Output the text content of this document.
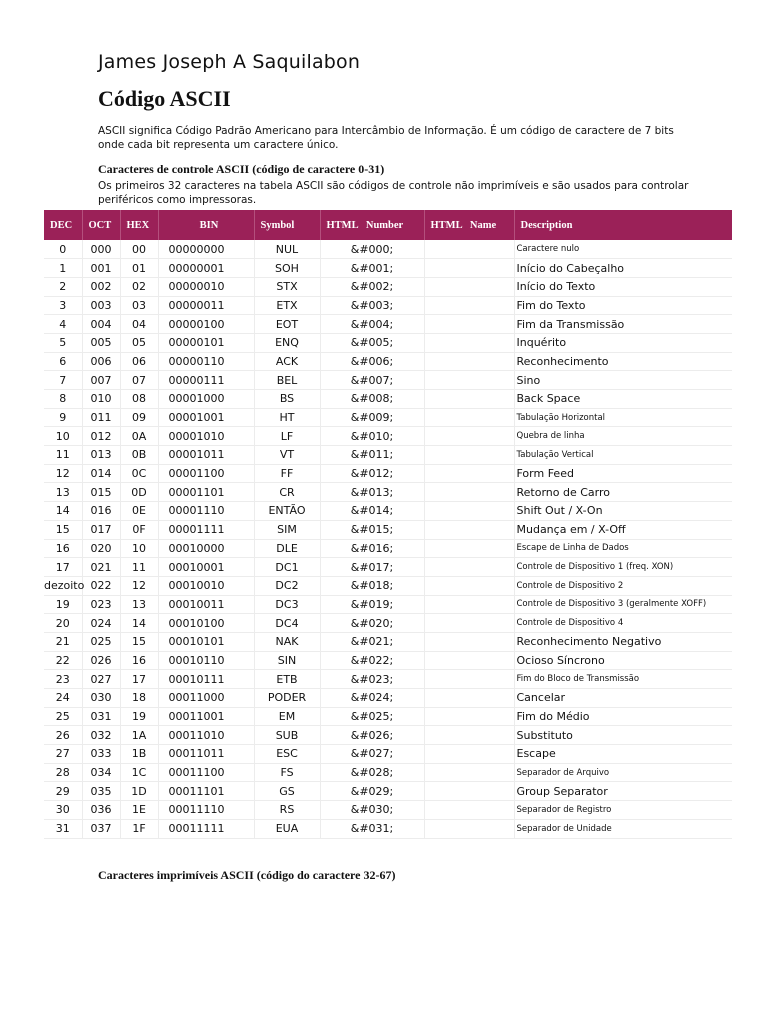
James Joseph A Saquilabon
Código ASCII
ASCII significa Código Padrão Americano para Intercâmbio de Informação. É um código de caractere de 7 bits onde cada bit representa um caractere único.
Caracteres de controle ASCII (código de caractere 0-31)
Os primeiros 32 caracteres na tabela ASCII são códigos de controle não imprimíveis e são usados para controlar periféricos como impressoras.
DEC	OCT	HEX	BIN	Symbol	HTML   Number	HTML   Name	Description
0	000	00	00000000	NUL	&#000;		Caractere nulo
1	001	01	00000001	SOH	&#001;		Início do Cabeçalho
2	002	02	00000010	STX	&#002;		Início do Texto
3	003	03	00000011	ETX	&#003;		Fim do Texto
4	004	04	00000100	EOT	&#004;		Fim da Transmissão
5	005	05	00000101	ENQ	&#005;		Inquérito
6	006	06	00000110	ACK	&#006;		Reconhecimento
7	007	07	00000111	BEL	&#007;		Sino
8	010	08	00001000	BS	&#008;		Back Space
9	011	09	00001001	HT	&#009;		Tabulação Horizontal
10	012	0A	00001010	LF	&#010;		Quebra de linha
11	013	0B	00001011	VT	&#011;		Tabulação Vertical
12	014	0C	00001100	FF	&#012;		Form Feed
13	015	0D	00001101	CR	&#013;		Retorno de Carro
14	016	0E	00001110	ENTÃO	&#014;		Shift Out / X-On
15	017	0F	00001111	SIM	&#015;		Mudança em / X-Off
16	020	10	00010000	DLE	&#016;		Escape de Linha de Dados
17	021	11	00010001	DC1	&#017;		Controle de Dispositivo 1 (freq. XON)
dezoito	022	12	00010010	DC2	&#018;		Controle de Dispositivo 2
19	023	13	00010011	DC3	&#019;		Controle de Dispositivo 3 (geralmente XOFF)
20	024	14	00010100	DC4	&#020;		Controle de Dispositivo 4
21	025	15	00010101	NAK	&#021;		Reconhecimento Negativo
22	026	16	00010110	SIN	&#022;		Ocioso Síncrono
23	027	17	00010111	ETB	&#023;		Fim do Bloco de Transmissão
24	030	18	00011000	PODER	&#024;		Cancelar
25	031	19	00011001	EM	&#025;		Fim do Médio
26	032	1A	00011010	SUB	&#026;		Substituto
27	033	1B	00011011	ESC	&#027;		Escape
28	034	1C	00011100	FS	&#028;		Separador de Arquivo
29	035	1D	00011101	GS	&#029;		Group Separator
30	036	1E	00011110	RS	&#030;		Separador de Registro
31	037	1F	00011111	EUA	&#031;		Separador de Unidade
Caracteres imprimíveis ASCII (código do caractere 32-67)
